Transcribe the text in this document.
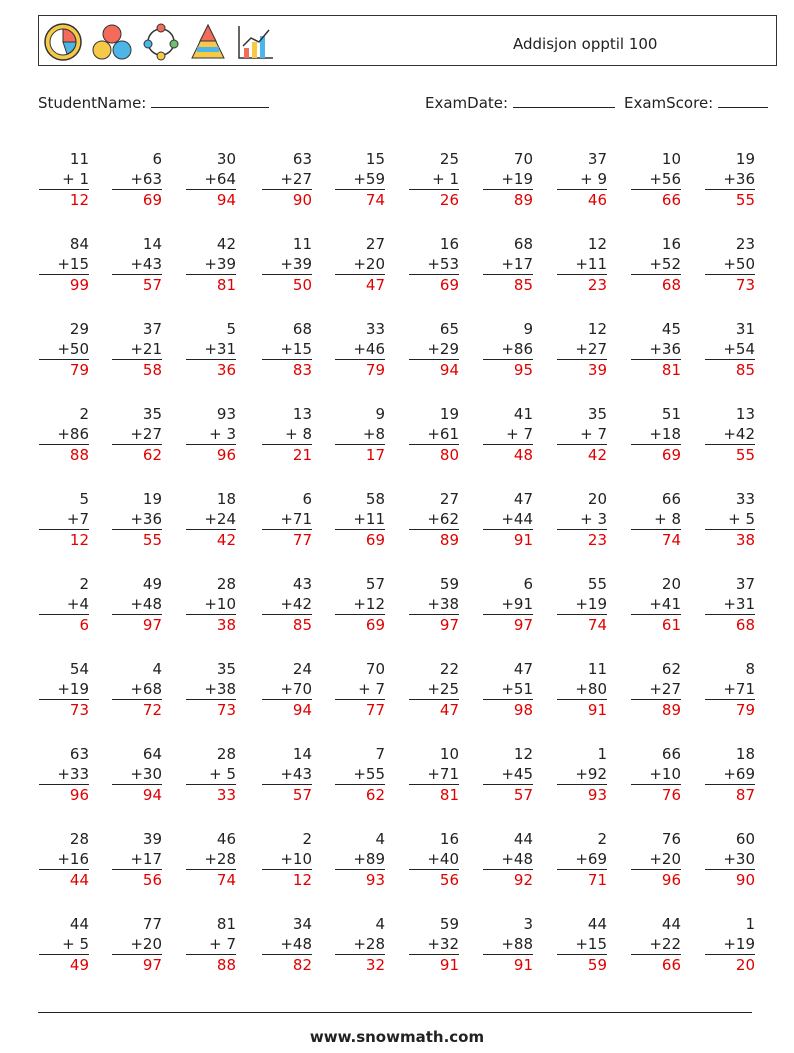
Addisjon opptil 100
StudentName:	ExamDate:	ExamScore:
11
+ 1
12
6
+63
69
30
+64
94
63
+27
90
15
+59
74
25
+ 1
26
70
+19
89
37
+ 9
46
10
+56
66
19
+36
55
84
+15
99
14
+43
57
42
+39
81
11
+39
50
27
+20
47
16
+53
69
68
+17
85
12
+11
23
16
+52
68
23
+50
73
29
+50
79
37
+21
58
5
+31
36
68
+15
83
33
+46
79
65
+29
94
9
+86
95
12
+27
39
45
+36
81
31
+54
85
2
+86
88
35
+27
62
93
+ 3
96
13
+ 8
21
9
+8
17
19
+61
80
41
+ 7
48
35
+ 7
42
51
+18
69
13
+42
55
5
+7
12
19
+36
55
18
+24
42
6
+71
77
58
+11
69
27
+62
89
47
+44
91
20
+ 3
23
66
+ 8
74
33
+ 5
38
2
+4
6
49
+48
97
28
+10
38
43
+42
85
57
+12
69
59
+38
97
6
+91
97
55
+19
74
20
+41
61
37
+31
68
54
+19
73
4
+68
72
35
+38
73
24
+70
94
70
+ 7
77
22
+25
47
47
+51
98
11
+80
91
62
+27
89
8
+71
79
63
+33
96
64
+30
94
28
+ 5
33
14
+43
57
7
+55
62
10
+71
81
12
+45
57
1
+92
93
66
+10
76
18
+69
87
28
+16
44
39
+17
56
46
+28
74
2
+10
12
4
+89
93
16
+40
56
44
+48
92
2
+69
71
76
+20
96
60
+30
90
44
+ 5
49
77
+20
97
81
+ 7
88
34
+48
82
4
+28
32
59
+32
91
3
+88
91
44
+15
59
44
+22
66
1
+19
20
www.snowmath.com
